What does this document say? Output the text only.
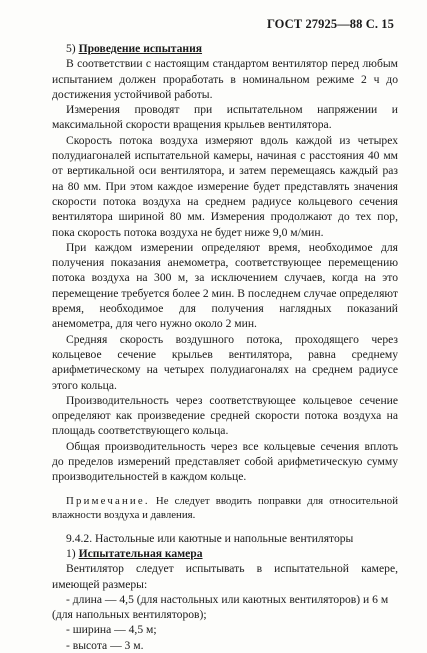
ГОСТ 27925—88 С. 15

5) Проведение испытания

В соответствии с настоящим стандартом вентилятор перед любым испытанием должен проработать в номинальном режиме 2 ч до достижения устойчивой работы.

Измерения проводят при испытательном напряжении и максимальной скорости вращения крыльев вентилятора.

Скорость потока воздуха измеряют вдоль каждой из четырех полудиагоналей испытательной камеры, начиная с расстояния 40 мм от вертикальной оси вентилятора, и затем перемещаясь каждый раз на 80 мм. При этом каждое измерение будет представлять значения скорости потока воздуха на среднем радиусе кольцевого сечения вентилятора шириной 80 мм. Измерения продолжают до тех пор, пока скорость потока воздуха не будет ниже 9,0 м/мин.

При каждом измерении определяют время, необходимое для получения показания анемометра, соответствующее перемещению потока воздуха на 300 м, за исключением случаев, когда на это перемещение требуется более 2 мин. В последнем случае определяют время, необходимое для получения наглядных показаний анемометра, для чего нужно около 2 мин.

Средняя скорость воздушного потока, проходящего через кольцевое сечение крыльев вентилятора, равна среднему арифметическому на четырех полудиагоналях на среднем радиусе этого кольца.

Производительность через соответствующее кольцевое сечение определяют как произведение средней скорости потока воздуха на площадь соответствующего кольца.

Общая производительность через все кольцевые сечения вплоть до пределов измерений представляет собой арифметическую сумму производительностей в каждом кольце.

Примечание. Не следует вводить поправки для относительной влажности воздуха и давления.

9.4.2. Настольные или каютные и напольные вентиляторы

1) Испытательная камера

Вентилятор следует испытывать в испытательной камере, имеющей размеры:

- длина — 4,5 (для настольных или каютных вентиляторов) и 6 м (для напольных вентиляторов);

- ширина — 4,5 м;

- высота — 3 м.
